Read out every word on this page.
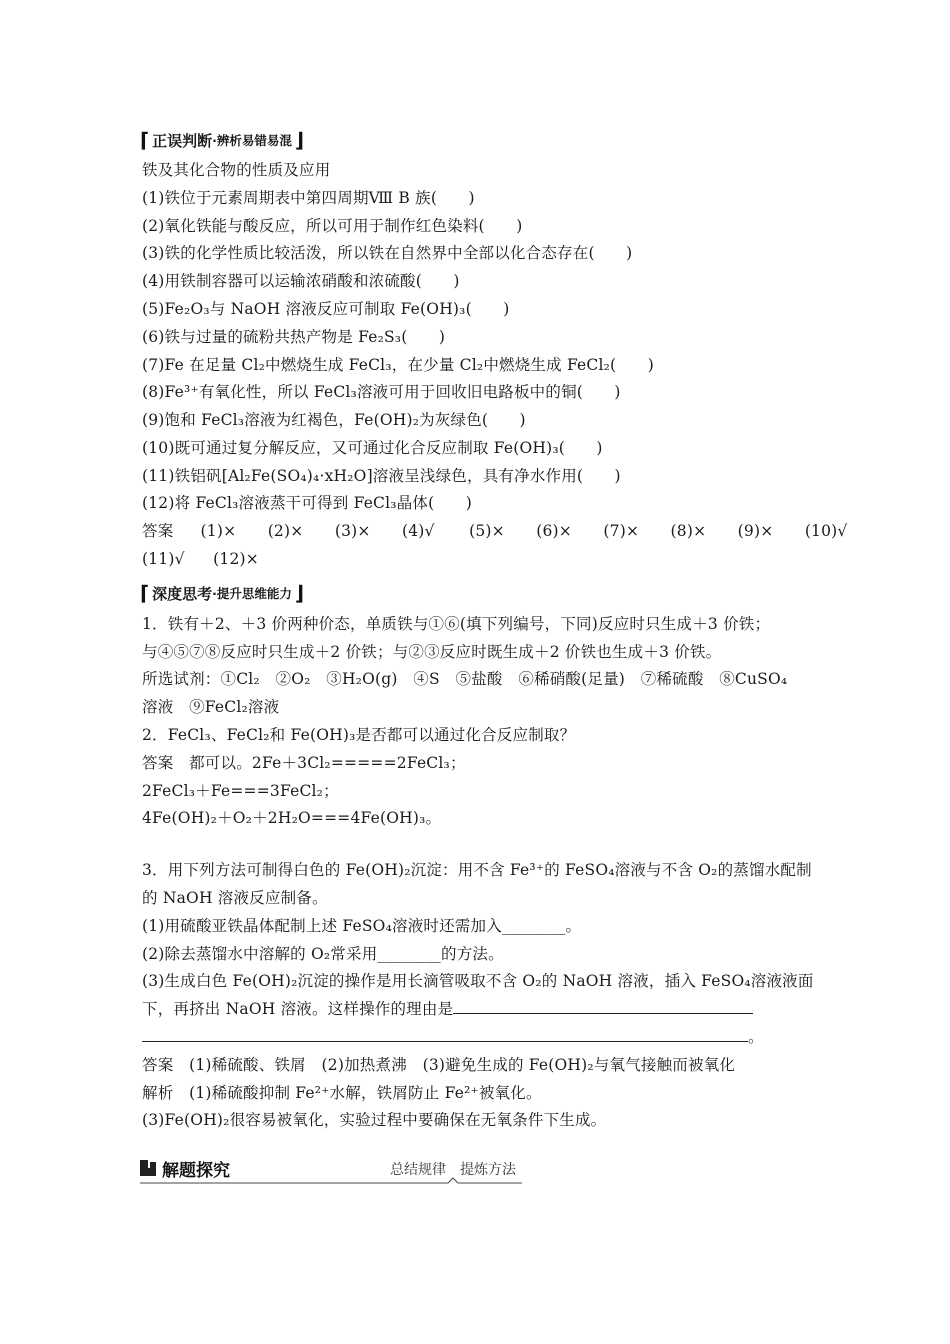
⌈ 正误判断 ·辨析易错易混 ⌋
铁及其化合物的性质及应用
(1)铁位于元素周期表中第四周期Ⅷ B 族(　　)
(2)氧化铁能与酸反应，所以可用于制作红色染料(　　)
(3)铁的化学性质比较活泼，所以铁在自然界中全部以化合态存在(　　)
(4)用铁制容器可以运输浓硝酸和浓硫酸(　　)
(5)Fe₂O₃与 NaOH 溶液反应可制取 Fe(OH)₃(　　)
(6)铁与过量的硫粉共热产物是 Fe₂S₃(　　)
(7)Fe 在足量 Cl₂中燃烧生成 FeCl₃，在少量 Cl₂中燃烧生成 FeCl₂(　　)
(8)Fe³⁺有氧化性，所以 FeCl₃溶液可用于回收旧电路板中的铜(　　)
(9)饱和 FeCl₃溶液为红褐色，Fe(OH)₂为灰绿色(　　)
(10)既可通过复分解反应，又可通过化合反应制取 Fe(OH)₃(　　)
(11)铁铝矾[Al₂Fe(SO₄)₄·xH₂O]溶液呈浅绿色，具有净水作用(　　)
(12)将 FeCl₃溶液蒸干可得到 FeCl₃晶体(　　)
答案 (1)× (2)× (3)× (4)√ (5)× (6)× (7)× (8)× (9)× (10)√
(11)√ (12)×
⌈ 深度思考 ·提升思维能力 ⌋
1．铁有＋2、＋3 价两种价态，单质铁与①⑥(填下列编号，下同)反应时只生成＋3 价铁；
与④⑤⑦⑧反应时只生成＋2 价铁；与②③反应时既生成＋2 价铁也生成＋3 价铁。
所选试剂：①Cl₂　②O₂　③H₂O(g)　④S　⑤盐酸　⑥稀硝酸(足量)　⑦稀硫酸　⑧CuSO₄
溶液　⑨FeCl₂溶液
2．FeCl₃、FeCl₂和 Fe(OH)₃是否都可以通过化合反应制取？
答案　都可以。2Fe＋3Cl₂=====2FeCl₃；
2FeCl₃＋Fe===3FeCl₂；
4Fe(OH)₂＋O₂＋2H₂O===4Fe(OH)₃。
3．用下列方法可制得白色的 Fe(OH)₂沉淀：用不含 Fe³⁺的 FeSO₄溶液与不含 O₂的蒸馏水配制
的 NaOH 溶液反应制备。
(1)用硫酸亚铁晶体配制上述 FeSO₄溶液时还需加入________。
(2)除去蒸馏水中溶解的 O₂常采用________的方法。
(3)生成白色 Fe(OH)₂沉淀的操作是用长滴管吸取不含 O₂的 NaOH 溶液，插入 FeSO₄溶液液面
下，再挤出 NaOH 溶液。这样操作的理由是
。
答案　(1)稀硫酸、铁屑　(2)加热煮沸　(3)避免生成的 Fe(OH)₂与氧气接触而被氧化
解析　(1)稀硫酸抑制 Fe²⁺水解，铁屑防止 Fe²⁺被氧化。
(3)Fe(OH)₂很容易被氧化，实验过程中要确保在无氧条件下生成。
解题探究	总结规律　提炼方法
